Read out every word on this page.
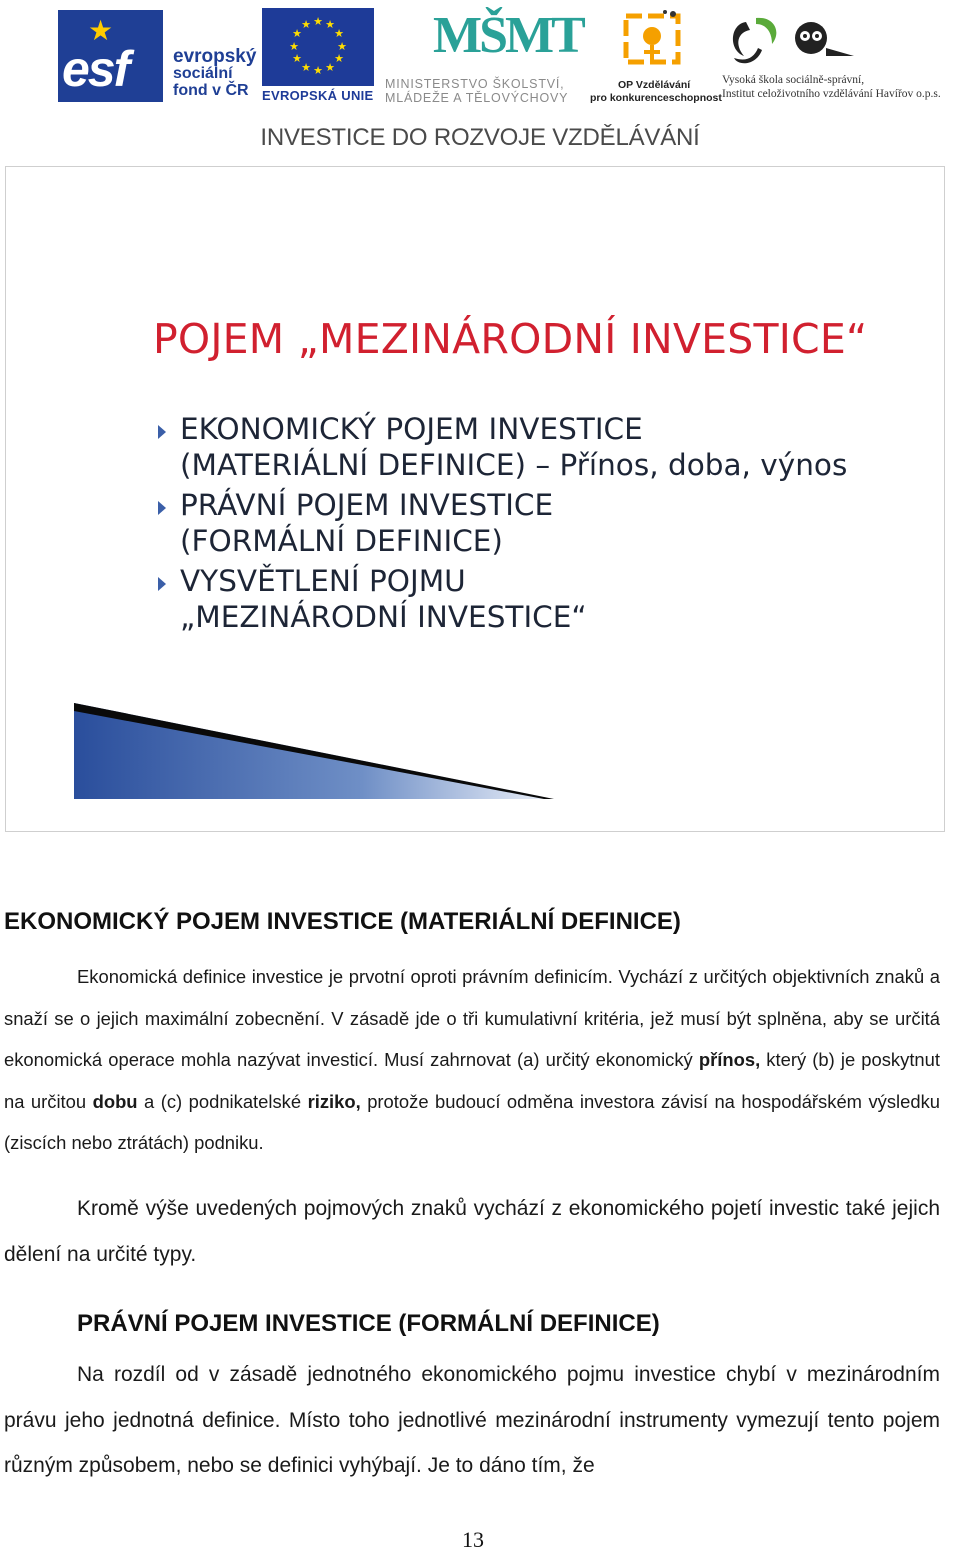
★
esf evropský
sociální
fond v ČR
★ ★
★
★
★
★
★
★
★
★
★
★
EVROPSKÁ UNIE
MŠMT
MINISTERSTVO ŠKOLSTVÍ,
MLÁDEŽE A TĚLOVÝCHOVY
OP Vzdělávání
pro konkurenceschopnost
Vysoká škola sociálně-správní,
Institut celoživotního vzdělávání Havířov o.p.s.
INVESTICE DO ROZVOJE VZDĚLÁVÁNÍ
POJEM „MEZINÁRODNÍ INVESTICE“
EKONOMICKÝ POJEM INVESTICE
(MATERIÁLNÍ DEFINICE) – Přínos, doba, výnos
PRÁVNÍ POJEM INVESTICE
(FORMÁLNÍ DEFINICE)
VYSVĚTLENÍ POJMU
„MEZINÁRODNÍ INVESTICE“
EKONOMICKÝ POJEM INVESTICE (MATERIÁLNÍ DEFINICE)

Ekonomická definice investice je prvotní oproti právním definicím. Vychází z určitých objektivních znaků a snaží se o jejich maximální zobecnění. V zásadě jde o tři kumulativní kritéria, jež musí být splněna, aby se určitá ekonomická operace mohla nazývat investicí. Musí zahrnovat (a) určitý ekonomický přínos, který (b) je poskytnut na určitou dobu a (c) podnikatelské riziko, protože budoucí odměna investora závisí na hospodářském výsledku (ziscích nebo ztrátách) podniku.

Kromě výše uvedených pojmových znaků vychází z ekonomického pojetí investic také jejich dělení na určité typy.

PRÁVNÍ POJEM INVESTICE (FORMÁLNÍ DEFINICE)

Na rozdíl od v zásadě jednotného ekonomického pojmu investice chybí v mezinárodním právu jeho jednotná definice. Místo toho jednotlivé mezinárodní instrumenty vymezují tento pojem různým způsobem, nebo se definici vyhýbají. Je to dáno tím, že

13
